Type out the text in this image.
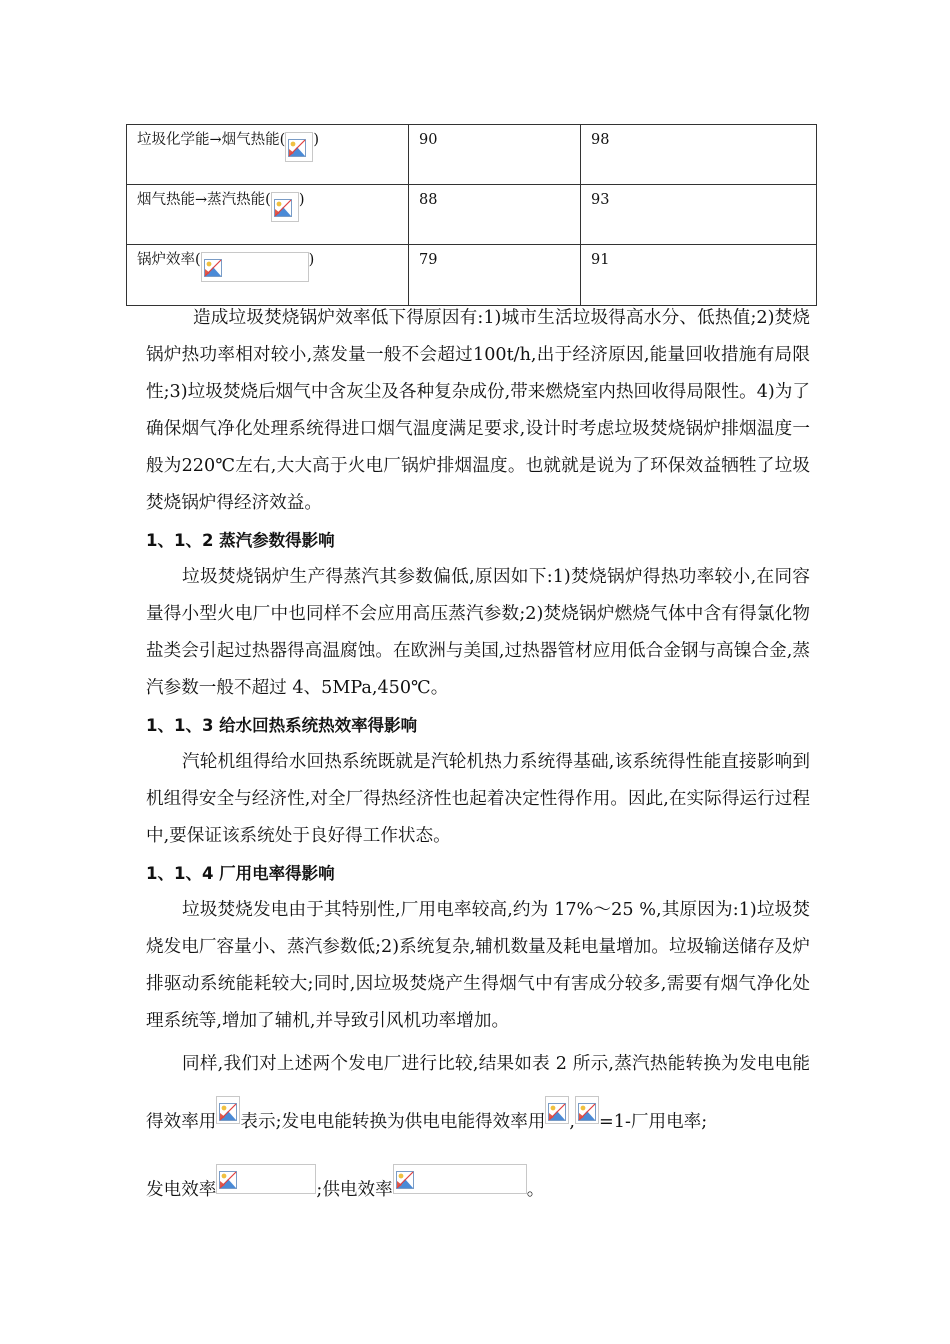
垃圾化学能→烟气热能( )	90	98
烟气热能→蒸汽热能( )	88	93
锅炉效率( )	79	91

造成垃圾焚烧锅炉效率低下得原因有:1)城市生活垃圾得高水分、低热值;2)焚烧锅炉热功率相对较小,蒸发量一般不会超过100t/h,出于经济原因,能量回收措施有局限性;3)垃圾焚烧后烟气中含灰尘及各种复杂成份,带来燃烧室内热回收得局限性。4)为了确保烟气净化处理系统得进口烟气温度满足要求,设计时考虑垃圾焚烧锅炉排烟温度一般为220℃左右,大大高于火电厂锅炉排烟温度。也就就是说为了环保效益牺牲了垃圾焚烧锅炉得经济效益。

1、1、2 蒸汽参数得影响

垃圾焚烧锅炉生产得蒸汽其参数偏低,原因如下:1)焚烧锅炉得热功率较小,在同容量得小型火电厂中也同样不会应用高压蒸汽参数;2)焚烧锅炉燃烧气体中含有得氯化物盐类会引起过热器得高温腐蚀。在欧洲与美国,过热器管材应用低合金钢与高镍合金,蒸汽参数一般不超过 4、5MPa,450℃。

1、1、3 给水回热系统热效率得影响

汽轮机组得给水回热系统既就是汽轮机热力系统得基础,该系统得性能直接影响到机组得安全与经济性,对全厂得热经济性也起着决定性得作用。因此,在实际得运行过程中,要保证该系统处于良好得工作状态。

1、1、4 厂用电率得影响

垃圾焚烧发电由于其特别性,厂用电率较高,约为 17%～25 %,其原因为:1)垃圾焚烧发电厂容量小、蒸汽参数低;2)系统复杂,辅机数量及耗电量增加。垃圾输送储存及炉排驱动系统能耗较大;同时,因垃圾焚烧产生得烟气中有害成分较多,需要有烟气净化处理系统等,增加了辅机,并导致引风机功率增加。

同样,我们对上述两个发电厂进行比较,结果如表 2 所示,蒸汽热能转换为发电电能得效率用 表示;发电电能转换为供电电能得效率用 , =1-厂用电率;

发电效率	;供电效率	。
